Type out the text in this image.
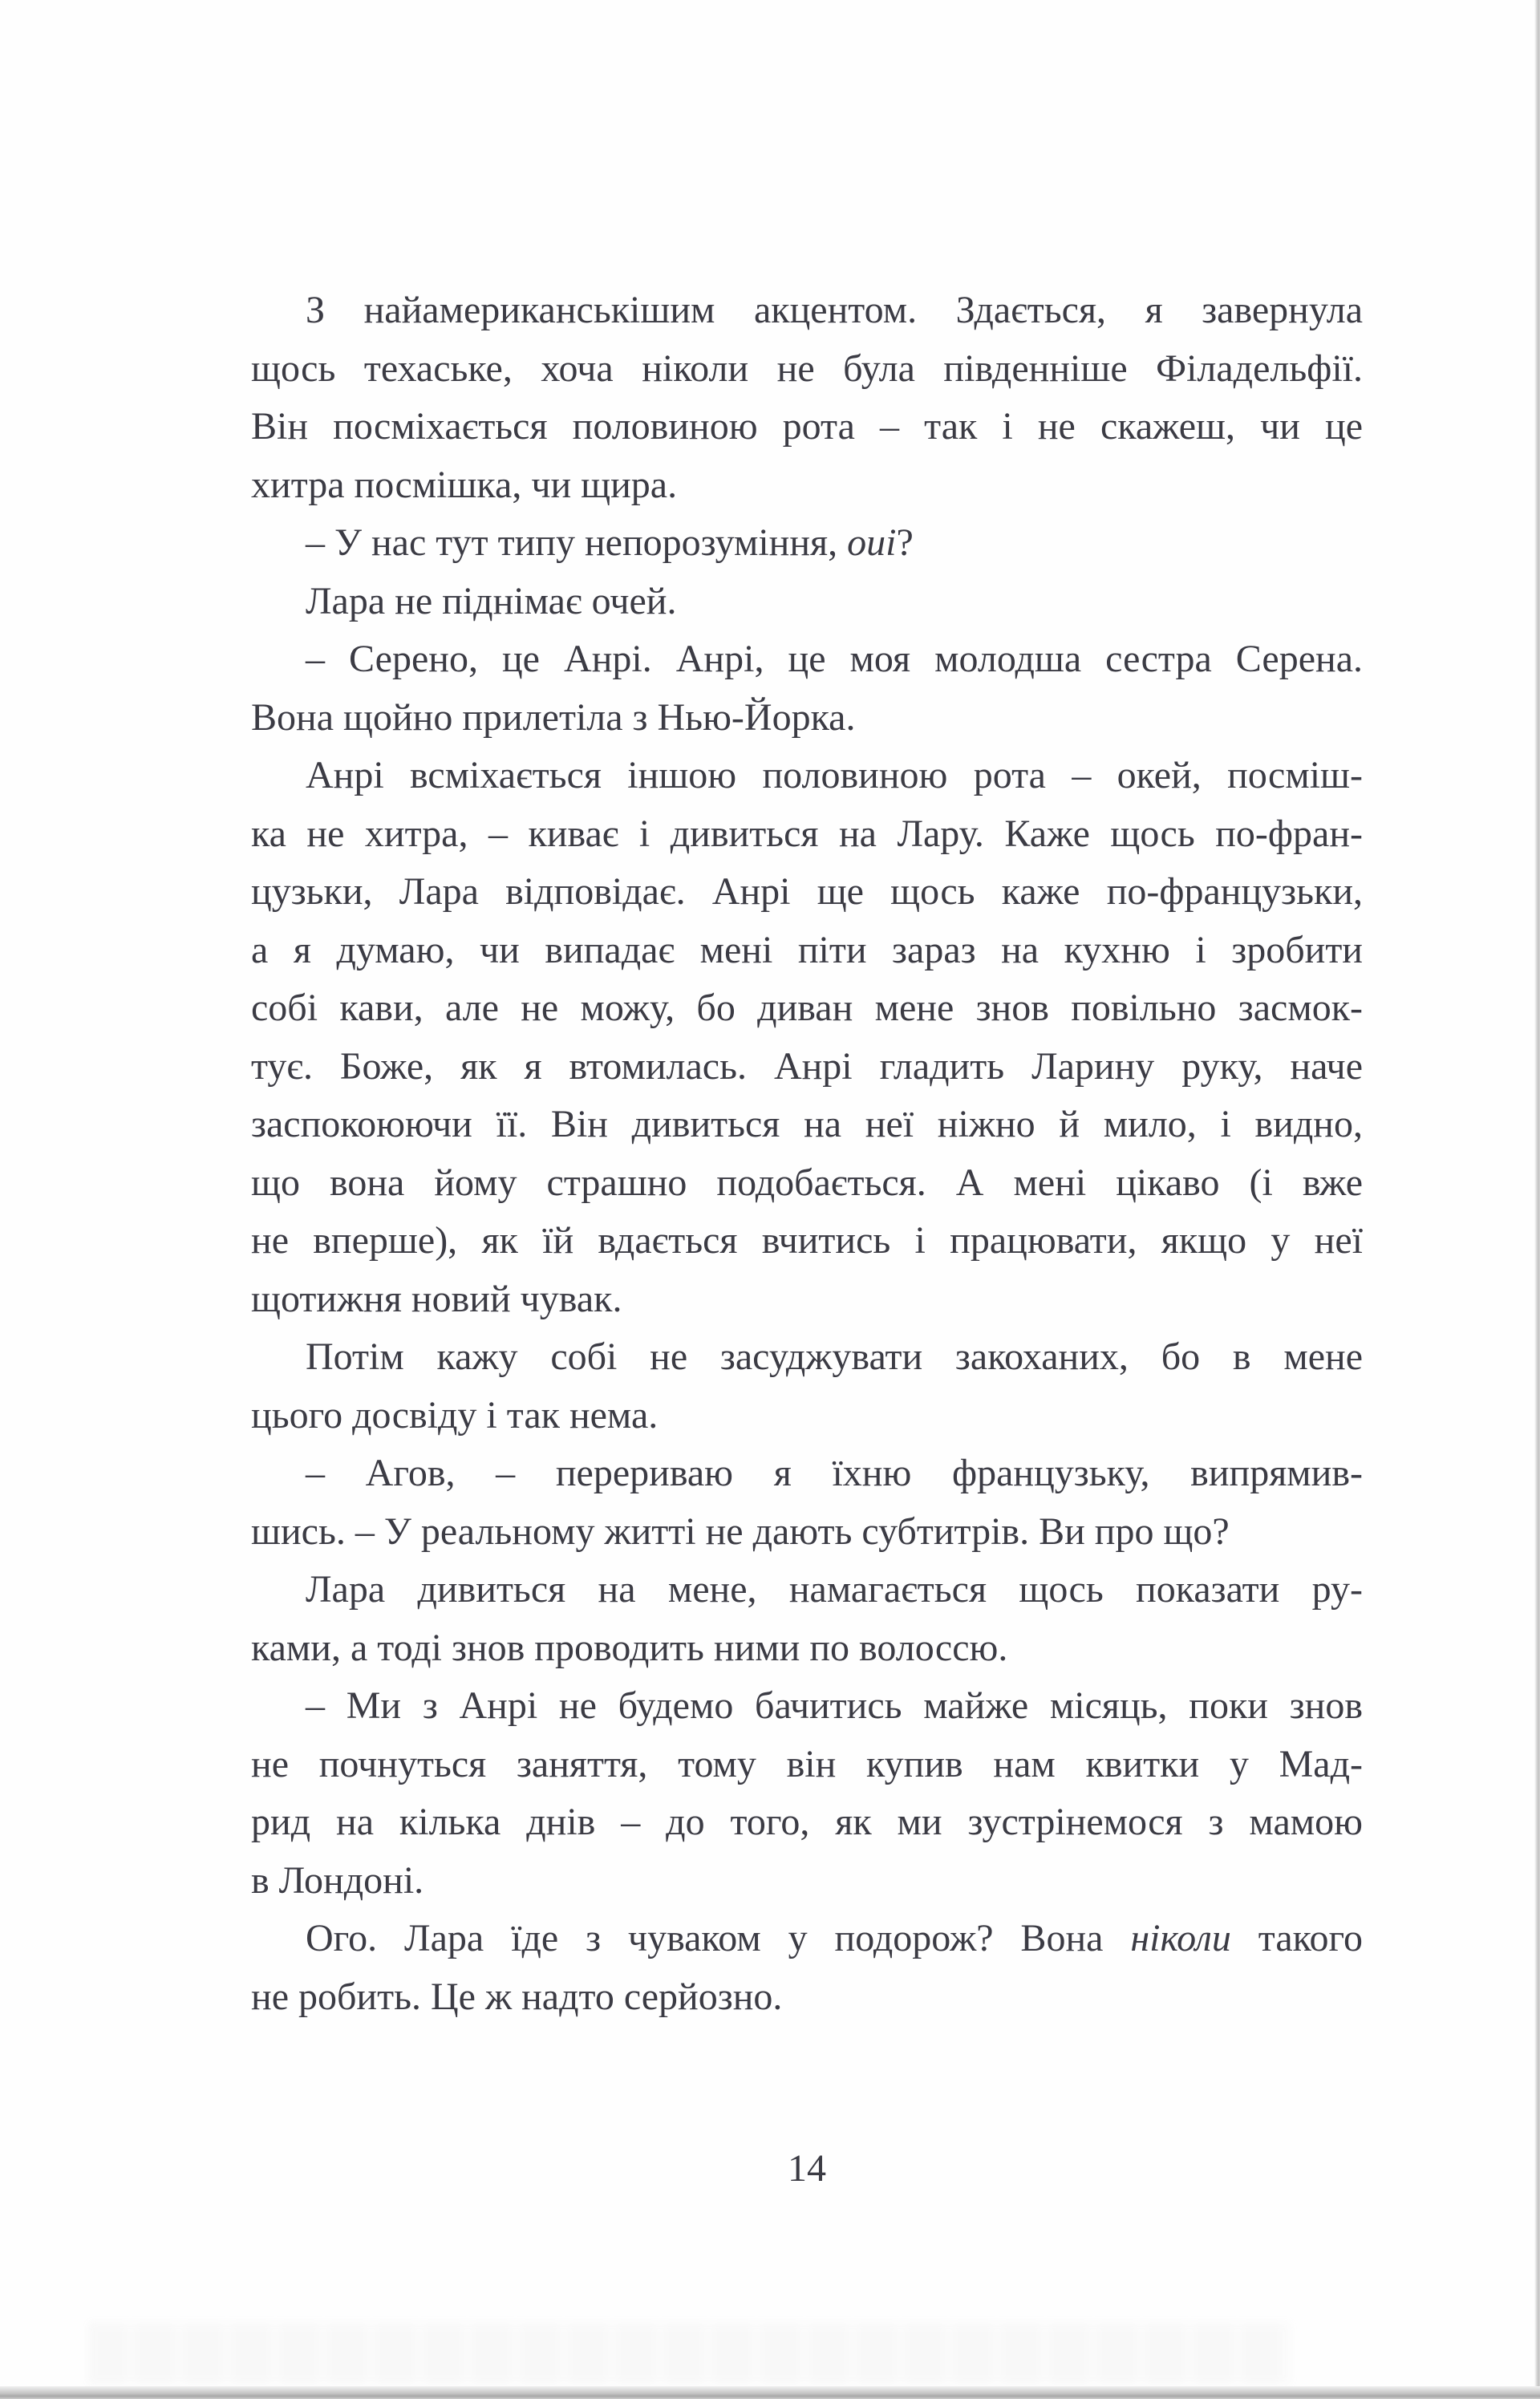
З найамериканськішим акцентом. Здається, я завернула
щось техаське, хоча ніколи не була південніше Філадельфії.
Він посміхається половиною рота – так і не скажеш, чи це
хитра посмішка, чи щира.
– У нас тут типу непорозуміння, oui?
Лара не піднімає очей.
– Серено, це Анрі. Анрі, це моя молодша сестра Серена.
Вона щойно прилетіла з Нью-Йорка.
Анрі всміхається іншою половиною рота – окей, посміш-
ка не хитра, – киває і дивиться на Лару. Каже щось по-фран-
цузьки, Лара відповідає. Анрі ще щось каже по-французьки,
а я думаю, чи випадає мені піти зараз на кухню і зробити
собі кави, але не можу, бо диван мене знов повільно засмок-
тує. Боже, як я втомилась. Анрі гладить Ларину руку, наче
заспокоюючи її. Він дивиться на неї ніжно й мило, і видно,
що вона йому страшно подобається. А мені цікаво (і вже
не вперше), як їй вдається вчитись і працювати, якщо у неї
щотижня новий чувак.
Потім кажу собі не засуджувати закоханих, бо в мене
цього досвіду і так нема.
– Агов, – перериваю я їхню французьку, випрямив-
шись. – У реальному житті не дають субтитрів. Ви про що?
Лара дивиться на мене, намагається щось показати ру-
ками, а тоді знов проводить ними по волоссю.
– Ми з Анрі не будемо бачитись майже місяць, поки знов
не почнуться заняття, тому він купив нам квитки у Мад-
рид на кілька днів – до того, як ми зустрінемося з мамою
в Лондоні.
Ого. Лара їде з чуваком у подорож? Вона ніколи такого
не робить. Це ж надто серйозно.
14
